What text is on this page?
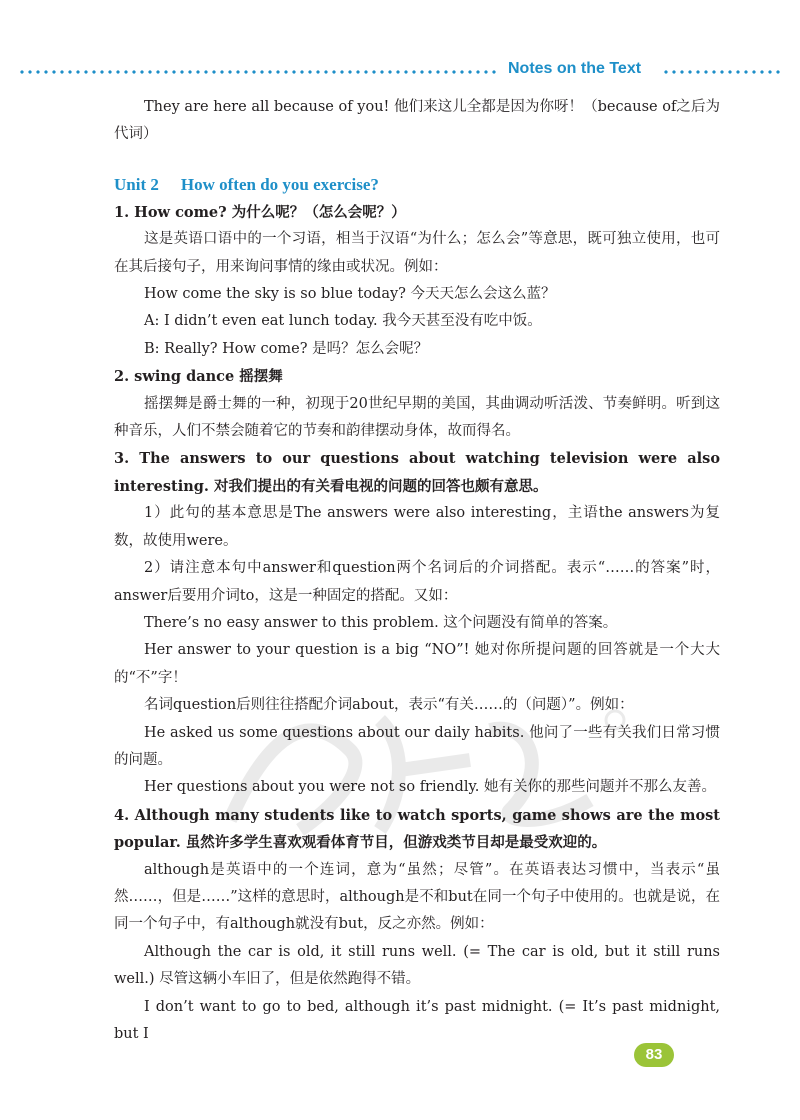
Notes on the Text

They are here all because of you! 他们来这儿全都是因为你呀！（because of之后为代词）

Unit 2 How often do you exercise?

1. How come? 为什么呢？（怎么会呢？）

这是英语口语中的一个习语，相当于汉语“为什么；怎么会”等意思，既可独立使用，也可在其后接句子，用来询问事情的缘由或状况。例如：

How come the sky is so blue today? 今天天怎么会这么蓝？

A: I didn’t even eat lunch today. 我今天甚至没有吃中饭。

B: Really? How come? 是吗？怎么会呢？

2. swing dance 摇摆舞

摇摆舞是爵士舞的一种，初现于20世纪早期的美国，其曲调动听活泼、节奏鲜明。听到这种音乐，人们不禁会随着它的节奏和韵律摆动身体，故而得名。

3. The answers to our questions about watching television were also interesting. 对我们提出的有关看电视的问题的回答也颇有意思。

1）此句的基本意思是The answers were also interesting，主语the answers为复数，故使用were。

2）请注意本句中answer和question两个名词后的介词搭配。表示“……的答案”时，answer后要用介词to，这是一种固定的搭配。又如：

There’s no easy answer to this problem. 这个问题没有简单的答案。

Her answer to your question is a big “NO”! 她对你所提问题的回答就是一个大大的“不”字！

名词question后则往往搭配介词about，表示“有关……的（问题）”。例如：

He asked us some questions about our daily habits. 他问了一些有关我们日常习惯的问题。

Her questions about you were not so friendly. 她有关你的那些问题并不那么友善。

4. Although many students like to watch sports, game shows are the most popular. 虽然许多学生喜欢观看体育节目，但游戏类节目却是最受欢迎的。

although是英语中的一个连词，意为“虽然；尽管”。在英语表达习惯中，当表示“虽然……，但是……”这样的意思时，although是不和but在同一个句子中使用的。也就是说，在同一个句子中，有although就没有but，反之亦然。例如：

Although the car is old, it still runs well. (= The car is old, but it still runs well.) 尽管这辆小车旧了，但是依然跑得不错。

I don’t want to go to bed, although it’s past midnight. (= It’s past midnight, but I

83
